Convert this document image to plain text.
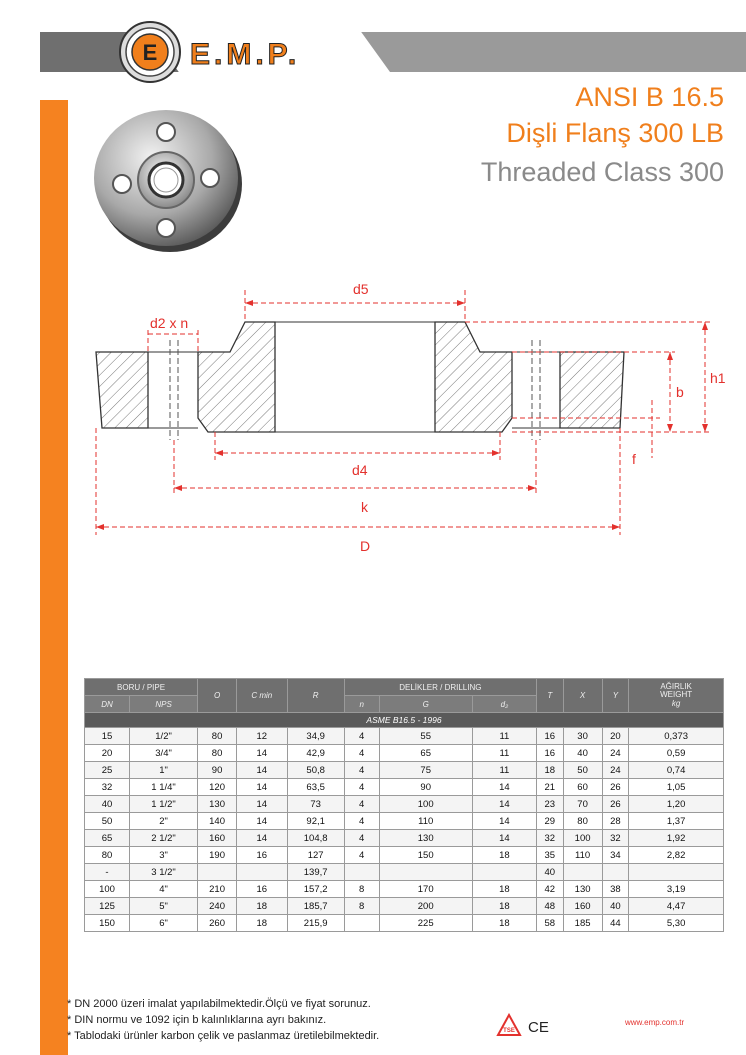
E E.M.P.
ANSI B 16.5
Dişli Flanş 300 LB
Threaded Class 300
d5
d2 x n
b
h1
f
d4
k
D
BORU / PIPE		O	C min	R	DELİKLER / DRILLING			T	X	Y	AĞIRLIK WEIGHT
kg
DN	NPS				n	G	d₂				
ASME B16.5 - 1996											
15	1/2"	80	12	34,9	4	55	11	16	30	20	0,373
20	3/4"	80	14	42,9	4	65	11	16	40	24	0,59
25	1"	90	14	50,8	4	75	11	18	50	24	0,74
32	1 1/4"	120	14	63,5	4	90	14	21	60	26	1,05
40	1 1/2"	130	14	73	4	100	14	23	70	26	1,20
50	2"	140	14	92,1	4	110	14	29	80	28	1,37
65	2 1/2"	160	14	104,8	4	130	14	32	100	32	1,92
80	3"	190	16	127	4	150	18	35	110	34	2,82
-	3 1/2"			139,7				40			
100	4"	210	16	157,2	8	170	18	42	130	38	3,19
125	5"	240	18	185,7	8	200	18	48	160	40	4,47
150	6"	260	18	215,9		225	18	58	185	44	5,30
* DN 2000 üzeri imalat yapılabilmektedir.Ölçü ve fiyat sorunuz.
* DIN normu ve 1092 için b kalınlıklarına ayrı bakınız.
* Tablodaki ürünler karbon çelik ve paslanmaz üretilebilmektedir.	TSE CE	www.emp.com.tr
